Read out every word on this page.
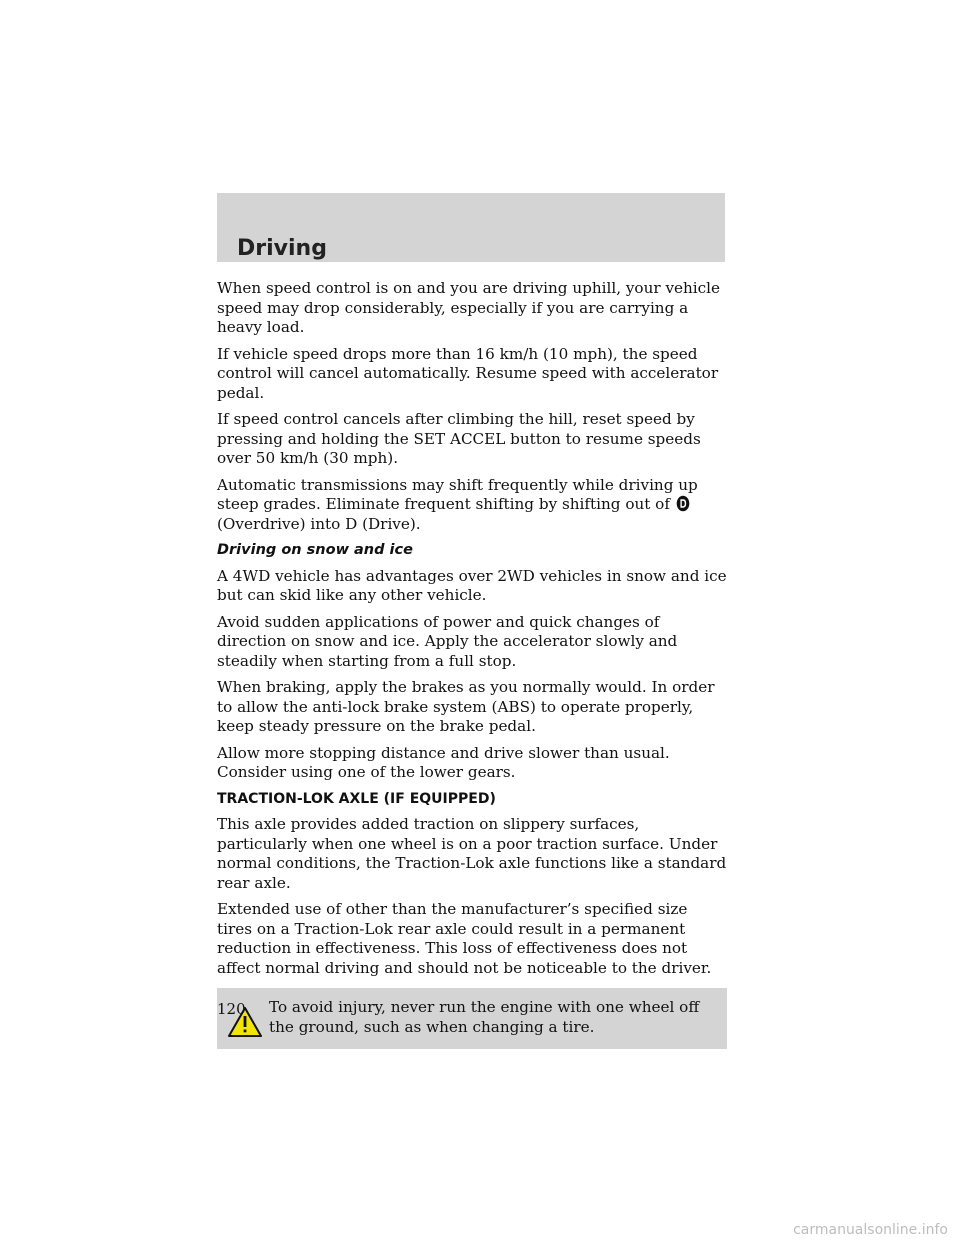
Driving

When speed control is on and you are driving uphill, your vehicle speed may drop considerably, especially if you are carrying a heavy load.

If vehicle speed drops more than 16 km/h (10 mph), the speed control will cancel automatically. Resume speed with accelerator pedal.

If speed control cancels after climbing the hill, reset speed by pressing and holding the SET ACCEL button to resume speeds over 50 km/h (30 mph).

Automatic transmissions may shift frequently while driving up steep grades. Eliminate frequent shifting by shifting out of  (Overdrive) into D (Drive).

Driving on snow and ice

A 4WD vehicle has advantages over 2WD vehicles in snow and ice but can skid like any other vehicle.

Avoid sudden applications of power and quick changes of direction on snow and ice. Apply the accelerator slowly and steadily when starting from a full stop.

When braking, apply the brakes as you normally would. In order to allow the anti-lock brake system (ABS) to operate properly, keep steady pressure on the brake pedal.

Allow more stopping distance and drive slower than usual. Consider using one of the lower gears.

TRACTION-LOK AXLE (IF EQUIPPED)

This axle provides added traction on slippery surfaces, particularly when one wheel is on a poor traction surface. Under normal conditions, the Traction-Lok axle functions like a standard rear axle.

Extended use of other than the manufacturer’s specified size tires on a Traction-Lok rear axle could result in a permanent reduction in effectiveness. This loss of effectiveness does not affect normal driving and should not be noticeable to the driver.

To avoid injury, never run the engine with one wheel off the ground, such as when changing a tire.
120
carmanualsonline.info
